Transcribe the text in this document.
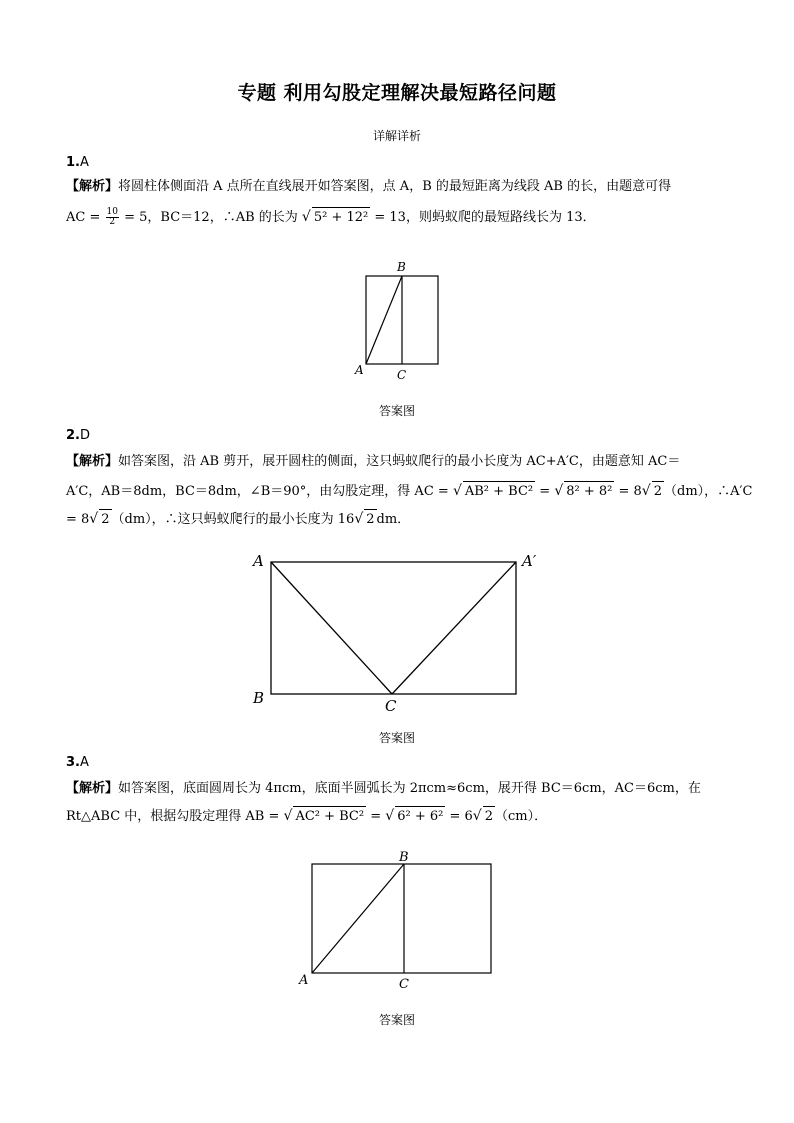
专题 利用勾股定理解决最短路径问题
详解详析
1.A
【解析】将圆柱体侧面沿 A 点所在直线展开如答案图，点 A，B 的最短距离为线段 AB 的长，由题意可得
AC = $\frac{10}{2} = 5$，BC＝12，∴AB 的长为 √ 5² + 12² = 13，则蚂蚁爬的最短路线长为 13．
B
A	C
答案图
2.D
【解析】如答案图，沿 AB 剪开，展开圆柱的侧面，这只蚂蚁爬行的最小长度为 AC+A′C，由题意知 AC＝
A′C，AB＝8dm，BC＝8dm，∠B＝90°，由勾股定理，得 AC = √ AB² + BC² = √ 8² + 8² = 8√ 2 （dm），∴A′C
= 8√ 2 （dm），∴这只蚂蚁爬行的最小长度为 16√ 2 dm．
A	A′
B	C
答案图
3.A
【解析】如答案图，底面圆周长为 4πcm，底面半圆弧长为 2πcm≈6cm，展开得 BC＝6cm，AC＝6cm，在
Rt△ABC 中，根据勾股定理得 AB = √ AC² + BC² = √ 6² + 6² = 6√ 2 （cm）．
B
A	C
答案图
